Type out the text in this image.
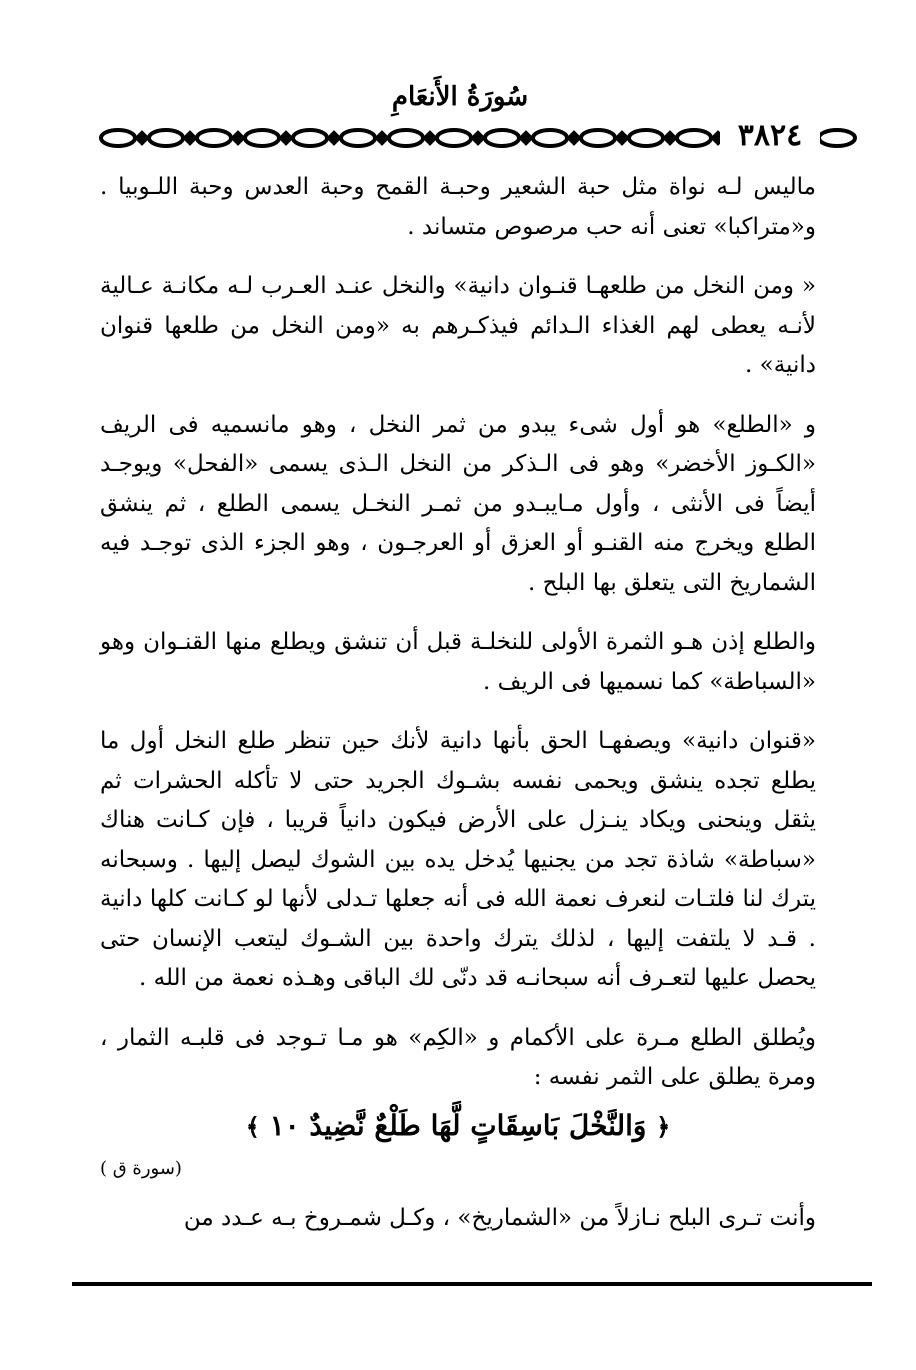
سُورَةُ الأَنعَامِ
٣٨٢٤

ماليس لـه نواة مثل حبة الشعير وحبـة القمح وحبة العدس وحبة اللـوبيا . و«متراكبا» تعنى أنه حب مرصوص متساند .

« ومن النخل من طلعهـا قنـوان دانية» والنخل عنـد العـرب لـه مكانـة عـالية لأنـه يعطى لهم الغذاء الـدائم فيذكـرهم به «ومن النخل من طلعها قنوان دانية» .

و «الطلع» هو أول شىء يبدو من ثمر النخل ، وهو مانسميه فى الريف «الكـوز الأخضر» وهو فى الـذكر من النخل الـذى يسمى «الفحل» ويوجـد أيضاً فى الأنثى ، وأول مـايبـدو من ثمـر النخـل يسمى الطلع ، ثم ينشق الطلع ويخرج منه القنـو أو العزق أو العرجـون ، وهو الجزء الذى توجـد فيه الشماريخ التى يتعلق بها البلح .

والطلع إذن هـو الثمرة الأولى للنخلـة قبل أن تنشق ويطلع منها القنـوان وهو «السباطة» كما نسميها فى الريف .

«قنوان دانية» ويصفهـا الحق بأنها دانية لأنك حين تنظر طلع النخل أول ما يطلع تجده ينشق ويحمى نفسه بشـوك الجريد حتى لا تأكله الحشرات ثم يثقل وينحنى ويكاد ينـزل على الأرض فيكون دانياً قريبا ، فإن كـانت هناك «سباطة» شاذة تجد من يجنيها يُدخل يده بين الشوك ليصل إليها . وسبحانه يترك لنا فلتـات لنعرف نعمة الله فى أنه جعلها تـدلى لأنها لو كـانت كلها دانية . قـد لا يلتفت إليها ، لذلك يترك واحدة بين الشـوك ليتعب الإنسان حتى يحصل عليها لتعـرف أنه سبحانـه قد دنّى لك الباقى وهـذه نعمة من الله .

ويُطلق الطلع مـرة على الأكمام و «الكِم» هو مـا تـوجد فى قلبـه الثمار ، ومرة يطلق على الثمر نفسه :

﴿ وَالنَّخْلَ بَاسِقَاتٍ لَّهَا طَلْعٌ نَّضِيدٌ ١٠ ﴾
(سورة ق )

وأنت تـرى البلح نـازلاً من «الشماريخ» ، وكـل شمـروخ بـه عـدد من
